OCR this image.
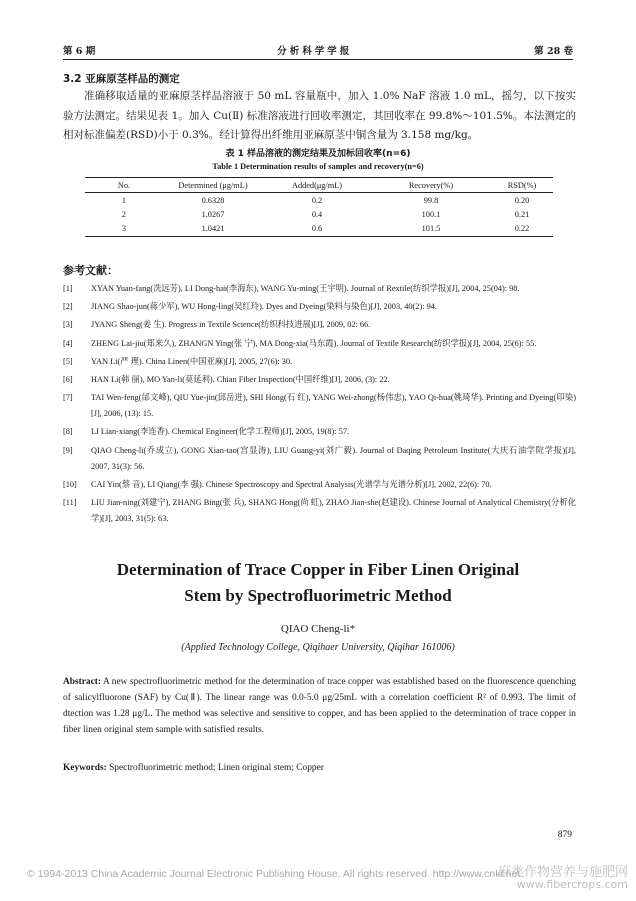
第 6 期	分析科学学报	第 28 卷
3.2 亚麻原茎样品的测定

准确移取适量的亚麻原茎样品溶液于 50 mL 容量瓶中，加入 1.0% NaF 溶液 1.0 mL，摇匀，以下按实验方法测定。结果见表 1。加入 Cu(Ⅱ) 标准溶液进行回收率测定，其回收率在 99.8%～101.5%。本法测定的相对标准偏差(RSD)小于 0.3%。经计算得出纤维用亚麻原茎中铜含量为 3.158 mg/kg。

表 1 样品溶液的测定结果及加标回收率(n=6)
Table 1 Determination results of samples and recovery(n=6)
No.	Determined (μg/mL)	Added(μg/mL)	Recovery(%)	RSD(%)
1	0.6328	0.2	99.8	0.20
2	1.0267	0.4	100.1	0.21
3	1.0421	0.6	101.5	0.22
参考文献：
[1]	XYAN Yuan-fang(冼远芳), LI Dong-hai(李海东), WANG Yu-ming(王宇明). Journal of Rextile(纺织学报)[J], 2004, 25(04): 98.
[2]	JIANG Shao-jun(蒋少军), WU Hong-ling(吴红玲). Dyes and Dyeing(染料与染色)[J], 2003, 40(2): 94.
[3]	JYANG Sheng(姜 生). Progress in Textile Science(纺织科技进展)[J], 2009, 02: 66.
[4]	ZHENG Lai-jiu(郑来久), ZHANGN Ying(张 宁), MA Dong-xia(马东霞). Journal of Textile Research(纺织学报)[J], 2004, 25(6): 55.
[5]	YAN Li(严 理). China Linen(中国亚麻)[J], 2005, 27(6): 30.
[6]	HAN Li(韩 丽), MO Yan-li(莫延利). Chian Fiber Inspection(中国纤维)[J], 2006, (3): 22.
[7]	TAI Wen-feng(邰文峰), QIU Yue-jin(邱岳进), SHI Hong(石 红), YANG Wei-zhong(杨伟忠), YAO Qi-hua(姚琦华). Printing and Dyeing(印染)[J], 2006, (13): 15.
[8]	LI Lian-xiang(李连香). Chemical Engineer(化学工程师)[J], 2005, 19(8): 57.
[9]	QIAO Cheng-li(乔成立), GONG Xian-tao(宫显涛), LIU Guang-yi(刘广毅). Journal of Daqing Petroleum Institute(大庆石油学院学报)[J], 2007, 31(3): 56.
[10]	CAI Yin(蔡 音), LI Qiang(李 强). Chinese Spectroscopy and Spectral Analysis(光谱学与光谱分析)[J], 2002, 22(6): 70.
[11]	LIU Jian-ning(刘建宁), ZHANG Bing(张 兵), SHANG Hong(尚 虹), ZHAO Jian-she(赵建设). Chinese Journal of Analytical Chemistry(分析化学)[J], 2003, 31(5): 63.
Determination of Trace Copper in Fiber Linen Original
Stem by Spectrofluorimetric Method
QIAO Cheng-li*
(Applied Technology College, Qiqihaer University, Qiqihar 161006)

Abstract: A new spectrofluorimetric method for the determination of trace copper was established based on the fluorescence quenching of salicylfluorone (SAF) by Cu(Ⅱ). The linear range was 0.0-5.0 μg/25mL with a correlation coefficient R² of 0.993. The limit of dtection was 1.28 μg/L. The method was selective and sensitive to copper, and has been applied to the determination of trace copper in fiber linen original stem sample with satisfied results.

Keywords: Spectrofluorimetric method; Linen original stem; Copper

879
© 1994-2013 China Academic Journal Electronic Publishing House. All rights reserved. http://www.cnki.net
麻类作物营养与施肥网
www.fibercrops.com
